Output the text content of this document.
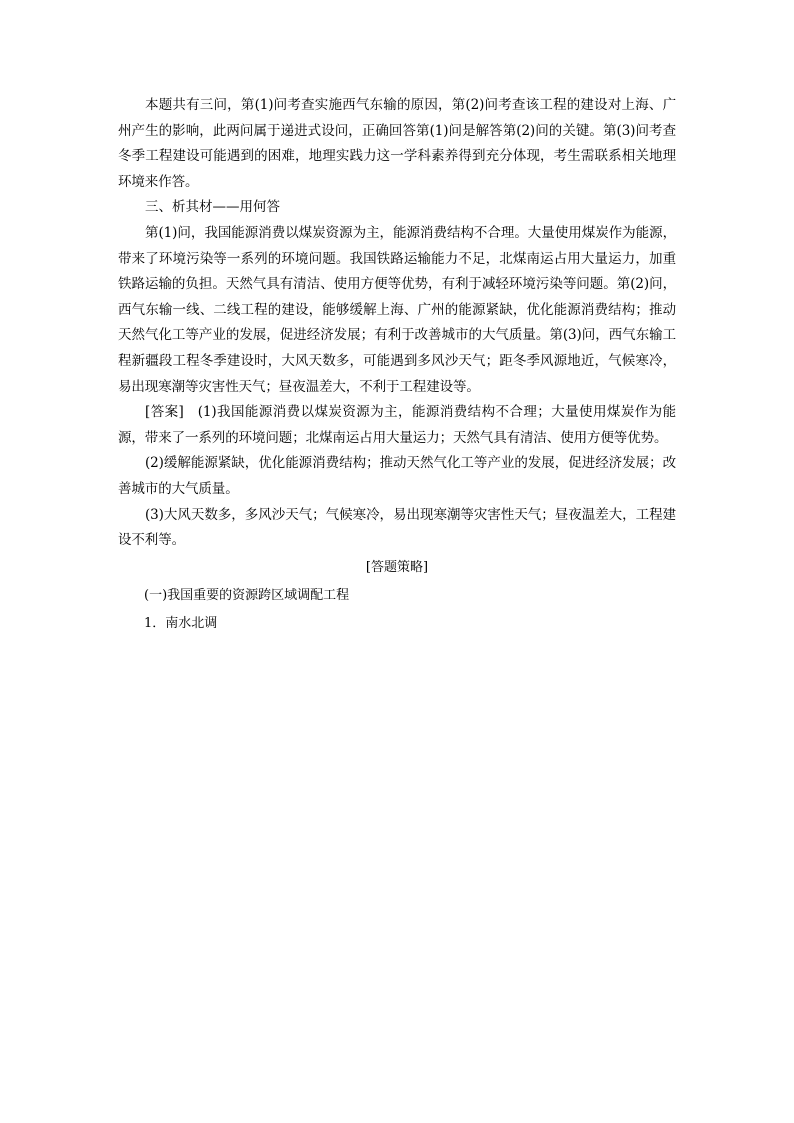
本题共有三问，第(1)问考查实施西气东输的原因，第(2)问考查该工程的建设对上海、广州产生的影响，此两问属于递进式设问，正确回答第(1)问是解答第(2)问的关键。第(3)问考查冬季工程建设可能遇到的困难，地理实践力这一学科素养得到充分体现，考生需联系相关地理环境来作答。

三、析其材——用何答

第(1)问，我国能源消费以煤炭资源为主，能源消费结构不合理。大量使用煤炭作为能源，带来了环境污染等一系列的环境问题。我国铁路运输能力不足，北煤南运占用大量运力，加重铁路运输的负担。天然气具有清洁、使用方便等优势，有利于减轻环境污染等问题。第(2)问，西气东输一线、二线工程的建设，能够缓解上海、广州的能源紧缺，优化能源消费结构；推动天然气化工等产业的发展，促进经济发展；有利于改善城市的大气质量。第(3)问，西气东输工程新疆段工程冬季建设时，大风天数多，可能遇到多风沙天气；距冬季风源地近，气候寒冷，易出现寒潮等灾害性天气；昼夜温差大，不利于工程建设等。

[答案] (1)我国能源消费以煤炭资源为主，能源消费结构不合理；大量使用煤炭作为能源，带来了一系列的环境问题；北煤南运占用大量运力；天然气具有清洁、使用方便等优势。

(2)缓解能源紧缺，优化能源消费结构；推动天然气化工等产业的发展，促进经济发展；改善城市的大气质量。

(3)大风天数多，多风沙天气；气候寒冷，易出现寒潮等灾害性天气；昼夜温差大，工程建设不利等。

[答题策略]

(一)我国重要的资源跨区域调配工程

1．南水北调
